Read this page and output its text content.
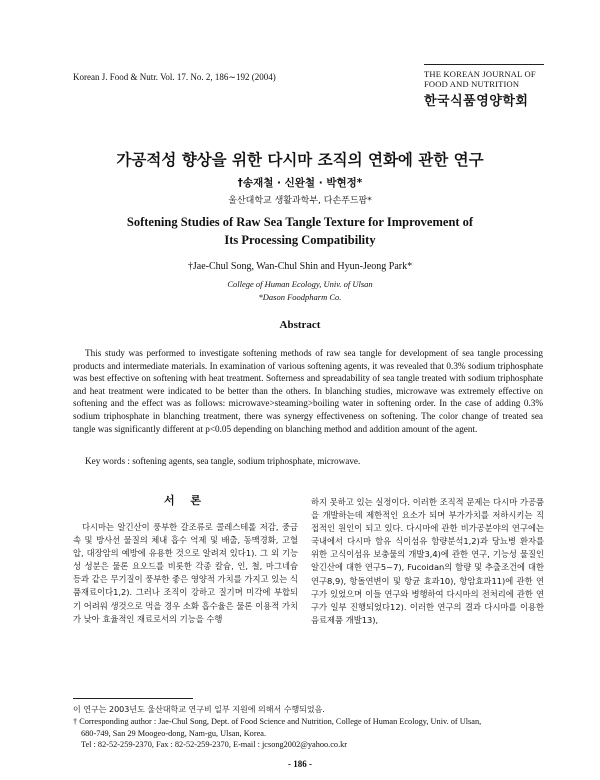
Korean J. Food & Nutr. Vol. 17. No. 2, 186∼192 (2004)	THE KOREAN JOURNAL OF
FOOD AND NUTRITION
한국식품영양학회
가공적성 향상을 위한 다시마 조직의 연화에 관한 연구
†송재철 · 신완철 · 박현정*
울산대학교 생활과학부, 다손푸드팜*
Softening Studies of Raw Sea Tangle Texture for Improvement of
Its Processing Compatibility
†Jae-Chul Song, Wan-Chul Shin and Hyun-Jeong Park*
College of Human Ecology, Univ. of Ulsan
*Dason Foodpharm Co.
Abstract

This study was performed to investigate softening methods of raw sea tangle for development of sea tangle processing products and intermediate materials. In examination of various softening agents, it was revealed that 0.3% sodium triphosphate was best effective on softening with heat treatment. Softerness and spreadability of sea tangle treated with sodium triphosphate and heat treatment were indicated to be better than the others. In blanching studies, microwave was extremely effective on softening and the effect was as follows: microwave>steaming>boiling water in softening order. In the case of adding 0.3% sodium triphosphate in blanching treatment, there was synergy effectiveness on softening. The color change of treated sea tangle was significantly different at p<0.05 depending on blanching method and addition amount of the agent.

Key words : softening agents, sea tangle, sodium triphosphate, microwave.
서 론

다시마는 알긴산이 풍부한 갈조류로 콜레스테롤 저감, 중금속 및 방사선 물질의 체내 흡수 억제 및 배출, 동맥경화, 고혈압, 대장암의 예방에 유용한 것으로 알려져 있다1). 그 외 기능성 성분은 물론 요오드를 비롯한 각종 칼슘, 인, 철, 마그네슘 등과 같은 무기질이 풍부한 좋은 영양적 가치를 가지고 있는 식품재료이다1,2). 그러나 조직이 강하고 질기며 미각에 부합되기 어려워 생것으로 먹을 경우 소화 흡수율은 물론 이용적 가치가 낮아 효율적인 재료로서의 기능을 수행

하지 못하고 있는 실정이다. 이러한 조직적 문제는 다시마 가공품을 개발하는데 제한적인 요소가 되며 부가가치를 저하시키는 직접적인 원인이 되고 있다. 다시마에 관한 비가공분야의 연구에는 국내에서 다시마 함유 식이섬유 함량분석1,2)과 당뇨병 환자를 위한 고식이섬유 보충물의 개발3,4)에 관한 연구, 기능성 물질인 알긴산에 대한 연구5~7), Fucoidan의 함량 및 추출조건에 대한 연구8,9), 항돌연변이 및 항균 효과10), 항암효과11)에 관한 연구가 있었으며 이들 연구와 병행하여 다시마의 전처리에 관한 연구가 일부 진행되었다12). 이러한 연구의 결과 다시마를 이용한 음료제품 개발13),

이 연구는 2003년도 울산대학교 연구비 일부 지원에 의해서 수행되었음.
† Corresponding author : Jae-Chul Song, Dept. of Food Science and Nutrition, College of Human Ecology, Univ. of Ulsan,
680-749, San 29 Moogeo-dong, Nam-gu, Ulsan, Korea.
Tel : 82-52-259-2370, Fax : 82-52-259-2370, E-mail : jcsong2002@yahoo.co.kr
- 186 -
